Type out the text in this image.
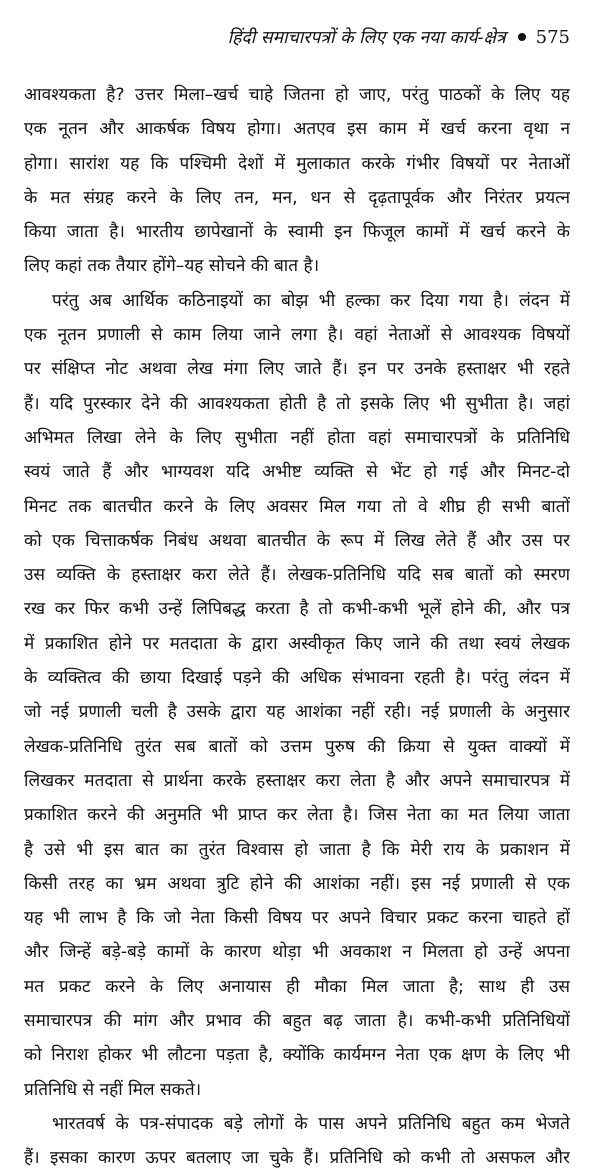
हिंदी समाचारपत्रों के लिए एक नया कार्य-क्षेत्र 575
आवश्यकता है? उत्तर मिला–खर्च चाहे जितना हो जाए, परंतु पाठकों के लिए यह
एक नूतन और आकर्षक विषय होगा। अतएव इस काम में खर्च करना वृथा न
होगा। सारांश यह कि पश्चिमी देशों में मुलाकात करके गंभीर विषयों पर नेताओं
के मत संग्रह करने के लिए तन, मन, धन से दृढ़तापूर्वक और निरंतर प्रयत्न
किया जाता है। भारतीय छापेखानों के स्वामी इन फिजूल कामों में खर्च करने के
लिए कहां तक तैयार होंगे–यह सोचने की बात है।
परंतु अब आर्थिक कठिनाइयों का बोझ भी हल्का कर दिया गया है। लंदन में
एक नूतन प्रणाली से काम लिया जाने लगा है। वहां नेताओं से आवश्यक विषयों
पर संक्षिप्त नोट अथवा लेख मंगा लिए जाते हैं। इन पर उनके हस्ताक्षर भी रहते
हैं। यदि पुरस्कार देने की आवश्यकता होती है तो इसके लिए भी सुभीता है। जहां
अभिमत लिखा लेने के लिए सुभीता नहीं होता वहां समाचारपत्रों के प्रतिनिधि
स्वयं जाते हैं और भाग्यवश यदि अभीष्ट व्यक्ति से भेंट हो गई और मिनट-दो
मिनट तक बातचीत करने के लिए अवसर मिल गया तो वे शीघ्र ही सभी बातों
को एक चित्ताकर्षक निबंध अथवा बातचीत के रूप में लिख लेते हैं और उस पर
उस व्यक्ति के हस्ताक्षर करा लेते हैं। लेखक-प्रतिनिधि यदि सब बातों को स्मरण
रख कर फिर कभी उन्हें लिपिबद्ध करता है तो कभी-कभी भूलें होने की, और पत्र
में प्रकाशित होने पर मतदाता के द्वारा अस्वीकृत किए जाने की तथा स्वयं लेखक
के व्यक्तित्व की छाया दिखाई पड़ने की अधिक संभावना रहती है। परंतु लंदन में
जो नई प्रणाली चली है उसके द्वारा यह आशंका नहीं रही। नई प्रणाली के अनुसार
लेखक-प्रतिनिधि तुरंत सब बातों को उत्तम पुरुष की क्रिया से युक्त वाक्यों में
लिखकर मतदाता से प्रार्थना करके हस्ताक्षर करा लेता है और अपने समाचारपत्र में
प्रकाशित करने की अनुमति भी प्राप्त कर लेता है। जिस नेता का मत लिया जाता
है उसे भी इस बात का तुरंत विश्वास हो जाता है कि मेरी राय के प्रकाशन में
किसी तरह का भ्रम अथवा त्रुटि होने की आशंका नहीं। इस नई प्रणाली से एक
यह भी लाभ है कि जो नेता किसी विषय पर अपने विचार प्रकट करना चाहते हों
और जिन्हें बड़े-बड़े कामों के कारण थोड़ा भी अवकाश न मिलता हो उन्हें अपना
मत प्रकट करने के लिए अनायास ही मौका मिल जाता है; साथ ही उस
समाचारपत्र की मांग और प्रभाव की बहुत बढ़ जाता है। कभी-कभी प्रतिनिधियों
को निराश होकर भी लौटना पड़ता है, क्योंकि कार्यमग्न नेता एक क्षण के लिए भी
प्रतिनिधि से नहीं मिल सकते।
भारतवर्ष के पत्र-संपादक बड़े लोगों के पास अपने प्रतिनिधि बहुत कम भेजते
हैं। इसका कारण ऊपर बतलाए जा चुके हैं। प्रतिनिधि को कभी तो असफल और
